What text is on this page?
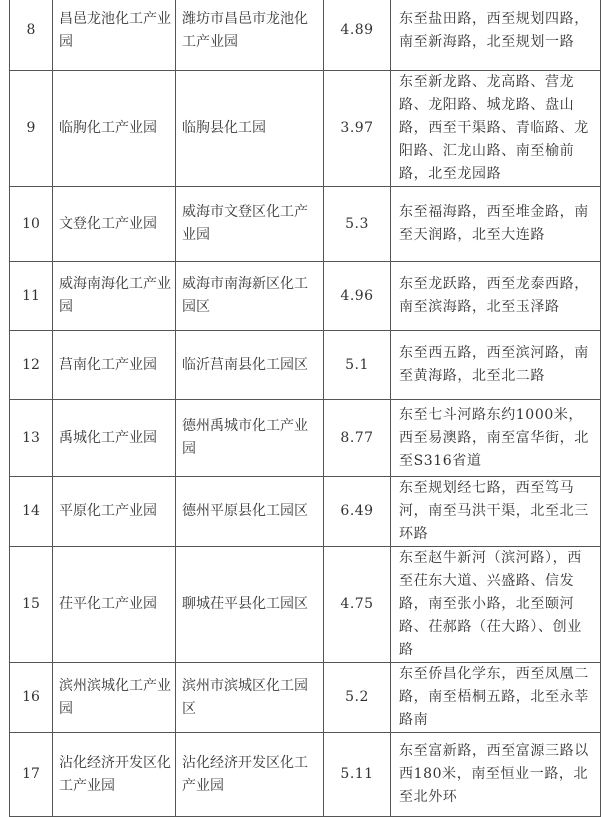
8	昌邑龙池化工产业园	潍坊市昌邑市龙池化工产业园	4.89	东至盐田路，西至规划四路，南至新海路，北至规划一路
9	临朐化工产业园	临朐县化工园	3.97	东至新龙路、龙高路、营龙路、龙阳路、城龙路、盘山路，西至干渠路、青临路、龙阳路、汇龙山路、南至榆前路，北至龙园路
10	文登化工产业园	威海市文登区化工产业园	5.3	东至福海路，西至堆金路，南至天润路，北至大连路
11	威海南海化工产业园	威海市南海新区化工园区	4.96	东至龙跃路，西至龙泰西路，南至滨海路，北至玉泽路
12	莒南化工产业园	临沂莒南县化工园区	5.1	东至西五路，西至滨河路，南至黄海路，北至北二路
13	禹城化工产业园	德州禹城市化工产业园	8.77	东至七斗河路东约1000米，西至易澳路，南至富华街，北至S316省道
14	平原化工产业园	德州平原县化工园区	6.49	东至规划经七路，西至笃马河，南至马洪干渠，北至北三环路
15	茌平化工产业园	聊城茌平县化工园区	4.75	东至赵牛新河（滨河路），西至茌东大道、兴盛路、信发路，南至张小路，北至颐河路、茌郝路（茌大路）、创业路
16	滨州滨城化工产业园	滨州市滨城区化工园区	5.2	东至侨昌化学东，西至凤凰二路，南至梧桐五路，北至永莘路南
17	沾化经济开发区化工产业园	沾化经济开发区化工产业园	5.11	东至富新路，西至富源三路以西180米，南至恒业一路，北至北外环
